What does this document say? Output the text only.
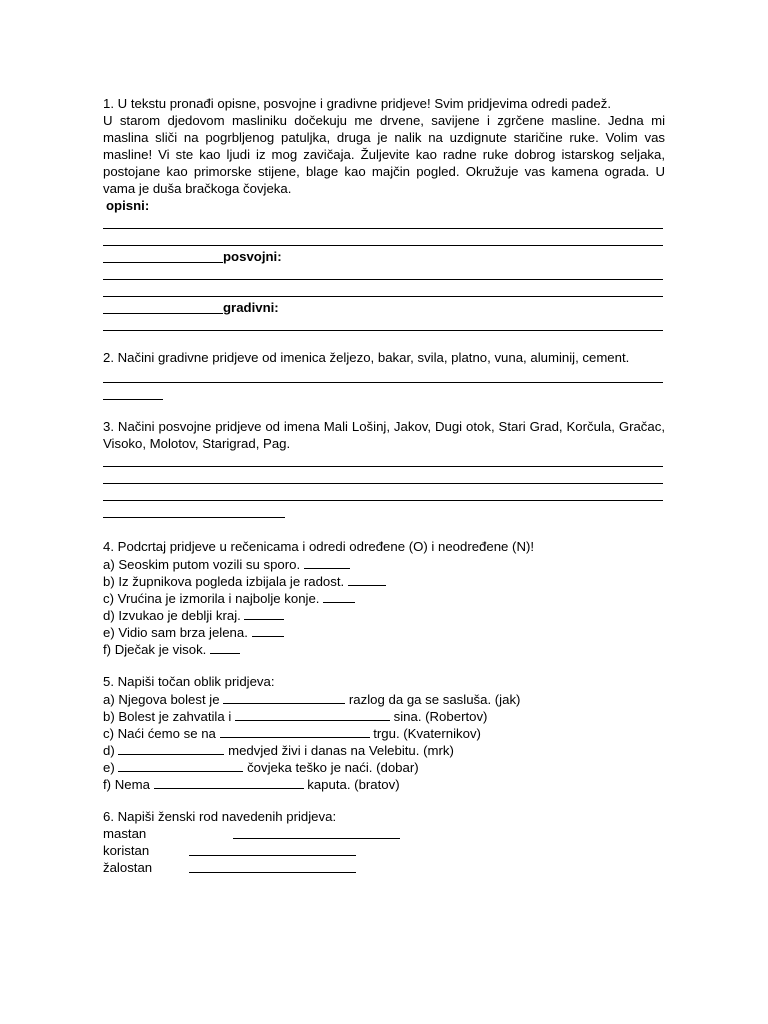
1. U tekstu pronađi opisne, posvojne i gradivne pridjeve! Svim pridjevima odredi padež.

U starom djedovom masliniku dočekuju me drvene, savijene i zgrčene masline. Jedna mi maslina sliči na pogrbljenog patuljka, druga je nalik na uzdignute staričine ruke. Volim vas masline! Vi ste kao ljudi iz mog zavičaja. Žuljevite kao radne ruke dobrog istarskog seljaka, postojane kao primorske stijene, blage kao majčin pogled. Okružuje vas kamena ograda. U vama je duša bračkoga čovjeka.

opisni:
posvojni:
gradivni:

2. Načini gradivne pridjeve od imenica željezo, bakar, svila, platno, vuna, aluminij, cement.

3. Načini posvojne pridjeve od imena Mali Lošinj, Jakov, Dugi otok, Stari Grad, Korčula, Gračac, Visoko, Molotov, Starigrad, Pag.

4. Podcrtaj pridjeve u rečenicama i odredi određene (O) i neodređene (N)!

a) Seoskim putom vozili su sporo.
b) Iz župnikova pogleda izbijala je radost.
c) Vrućina je izmorila i najbolje konje.
d) Izvukao je deblji kraj.
e) Vidio sam brza jelena.
f) Dječak je visok.

5. Napiši točan oblik pridjeva:

a) Njegova bolest je	razlog da ga se sasluša. (jak)
b) Bolest je zahvatila i	sina. (Robertov)
c) Naći ćemo se na	trgu. (Kvaternikov)
d)	medvjed živi i danas na Velebitu. (mrk)
e)	čovjeka teško je naći. (dobar)
f) Nema	kaputa. (bratov)

6. Napiši ženski rod navedenih pridjeva:

mastan
koristan
žalostan
